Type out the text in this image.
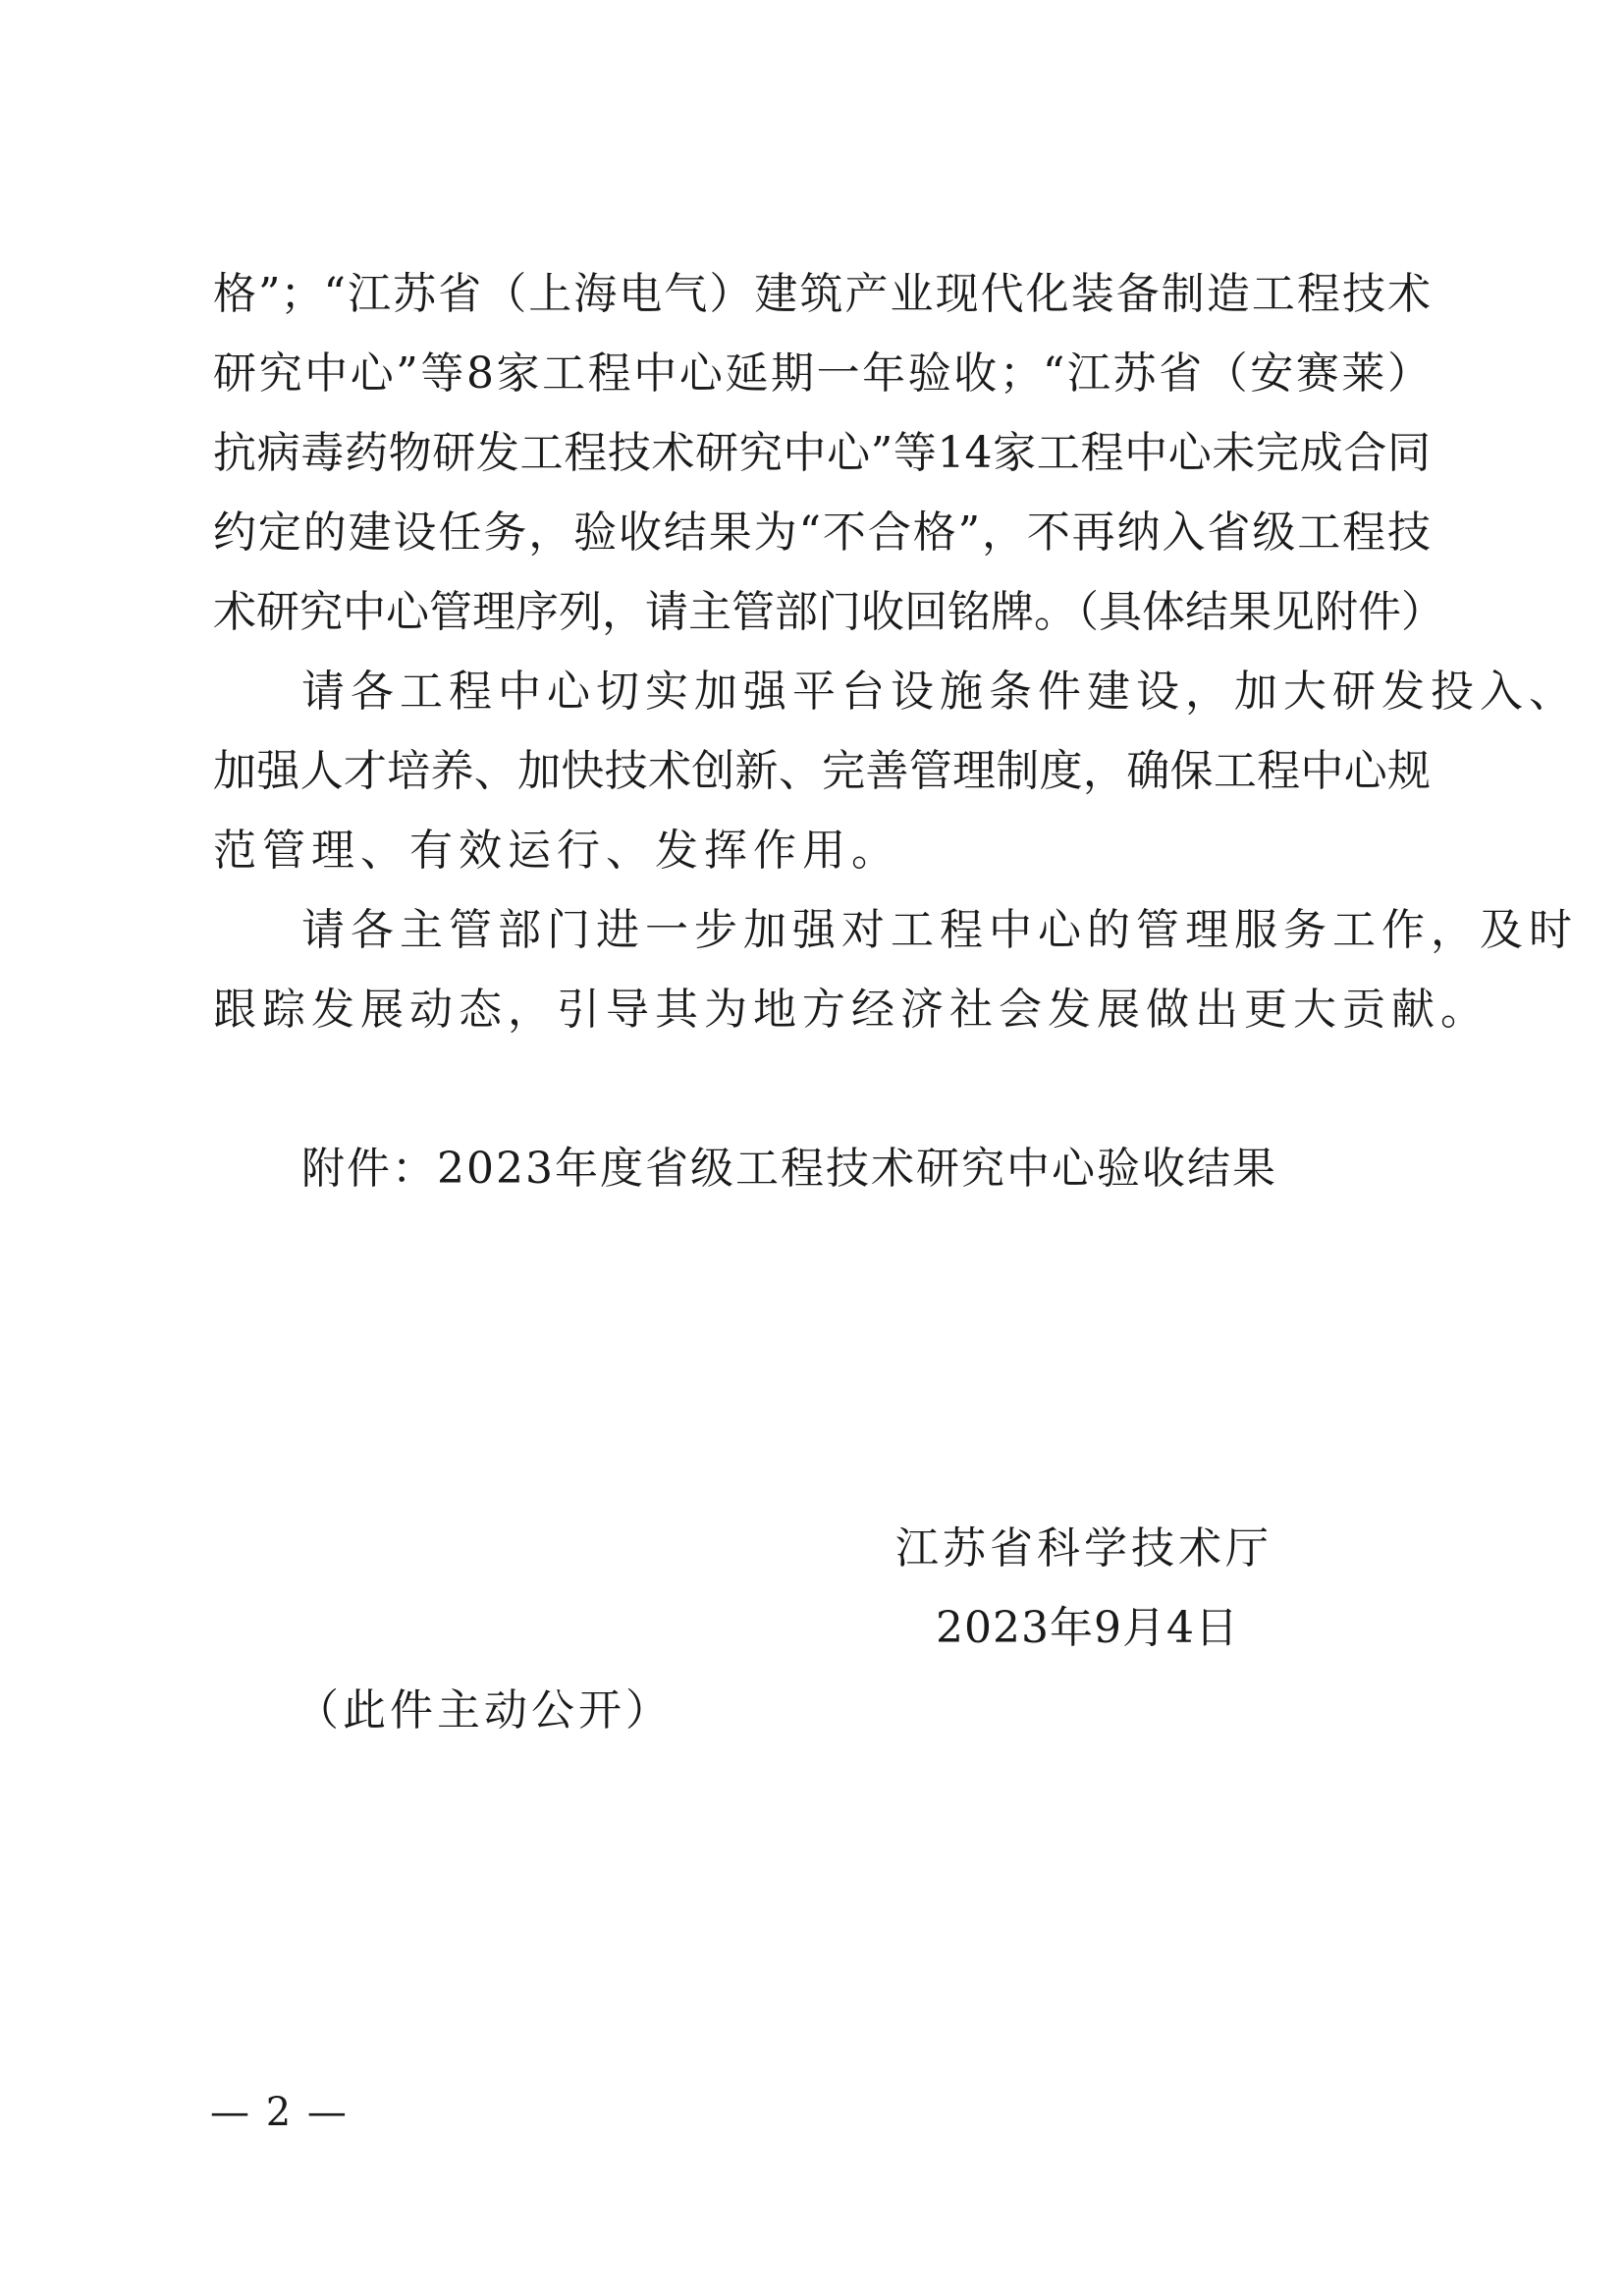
格”；“江苏省（上海电气）建筑产业现代化装备制造工程技术
研究中心”等8家工程中心延期一年验收；“江苏省（安赛莱）
抗病毒药物研发工程技术研究中心”等14家工程中心未完成合同
约定的建设任务，验收结果为“不合格”，不再纳入省级工程技
术研究中心管理序列，请主管部门收回铭牌。（具体结果见附件）
请各工程中心切实加强平台设施条件建设，加大研发投入、
加强人才培养、加快技术创新、完善管理制度，确保工程中心规
范管理、有效运行、发挥作用。
请各主管部门进一步加强对工程中心的管理服务工作，及时
跟踪发展动态，引导其为地方经济社会发展做出更大贡献。
附件：2023年度省级工程技术研究中心验收结果
江苏省科学技术厅
2023年9月4日
（此件主动公开）
— 2 —
